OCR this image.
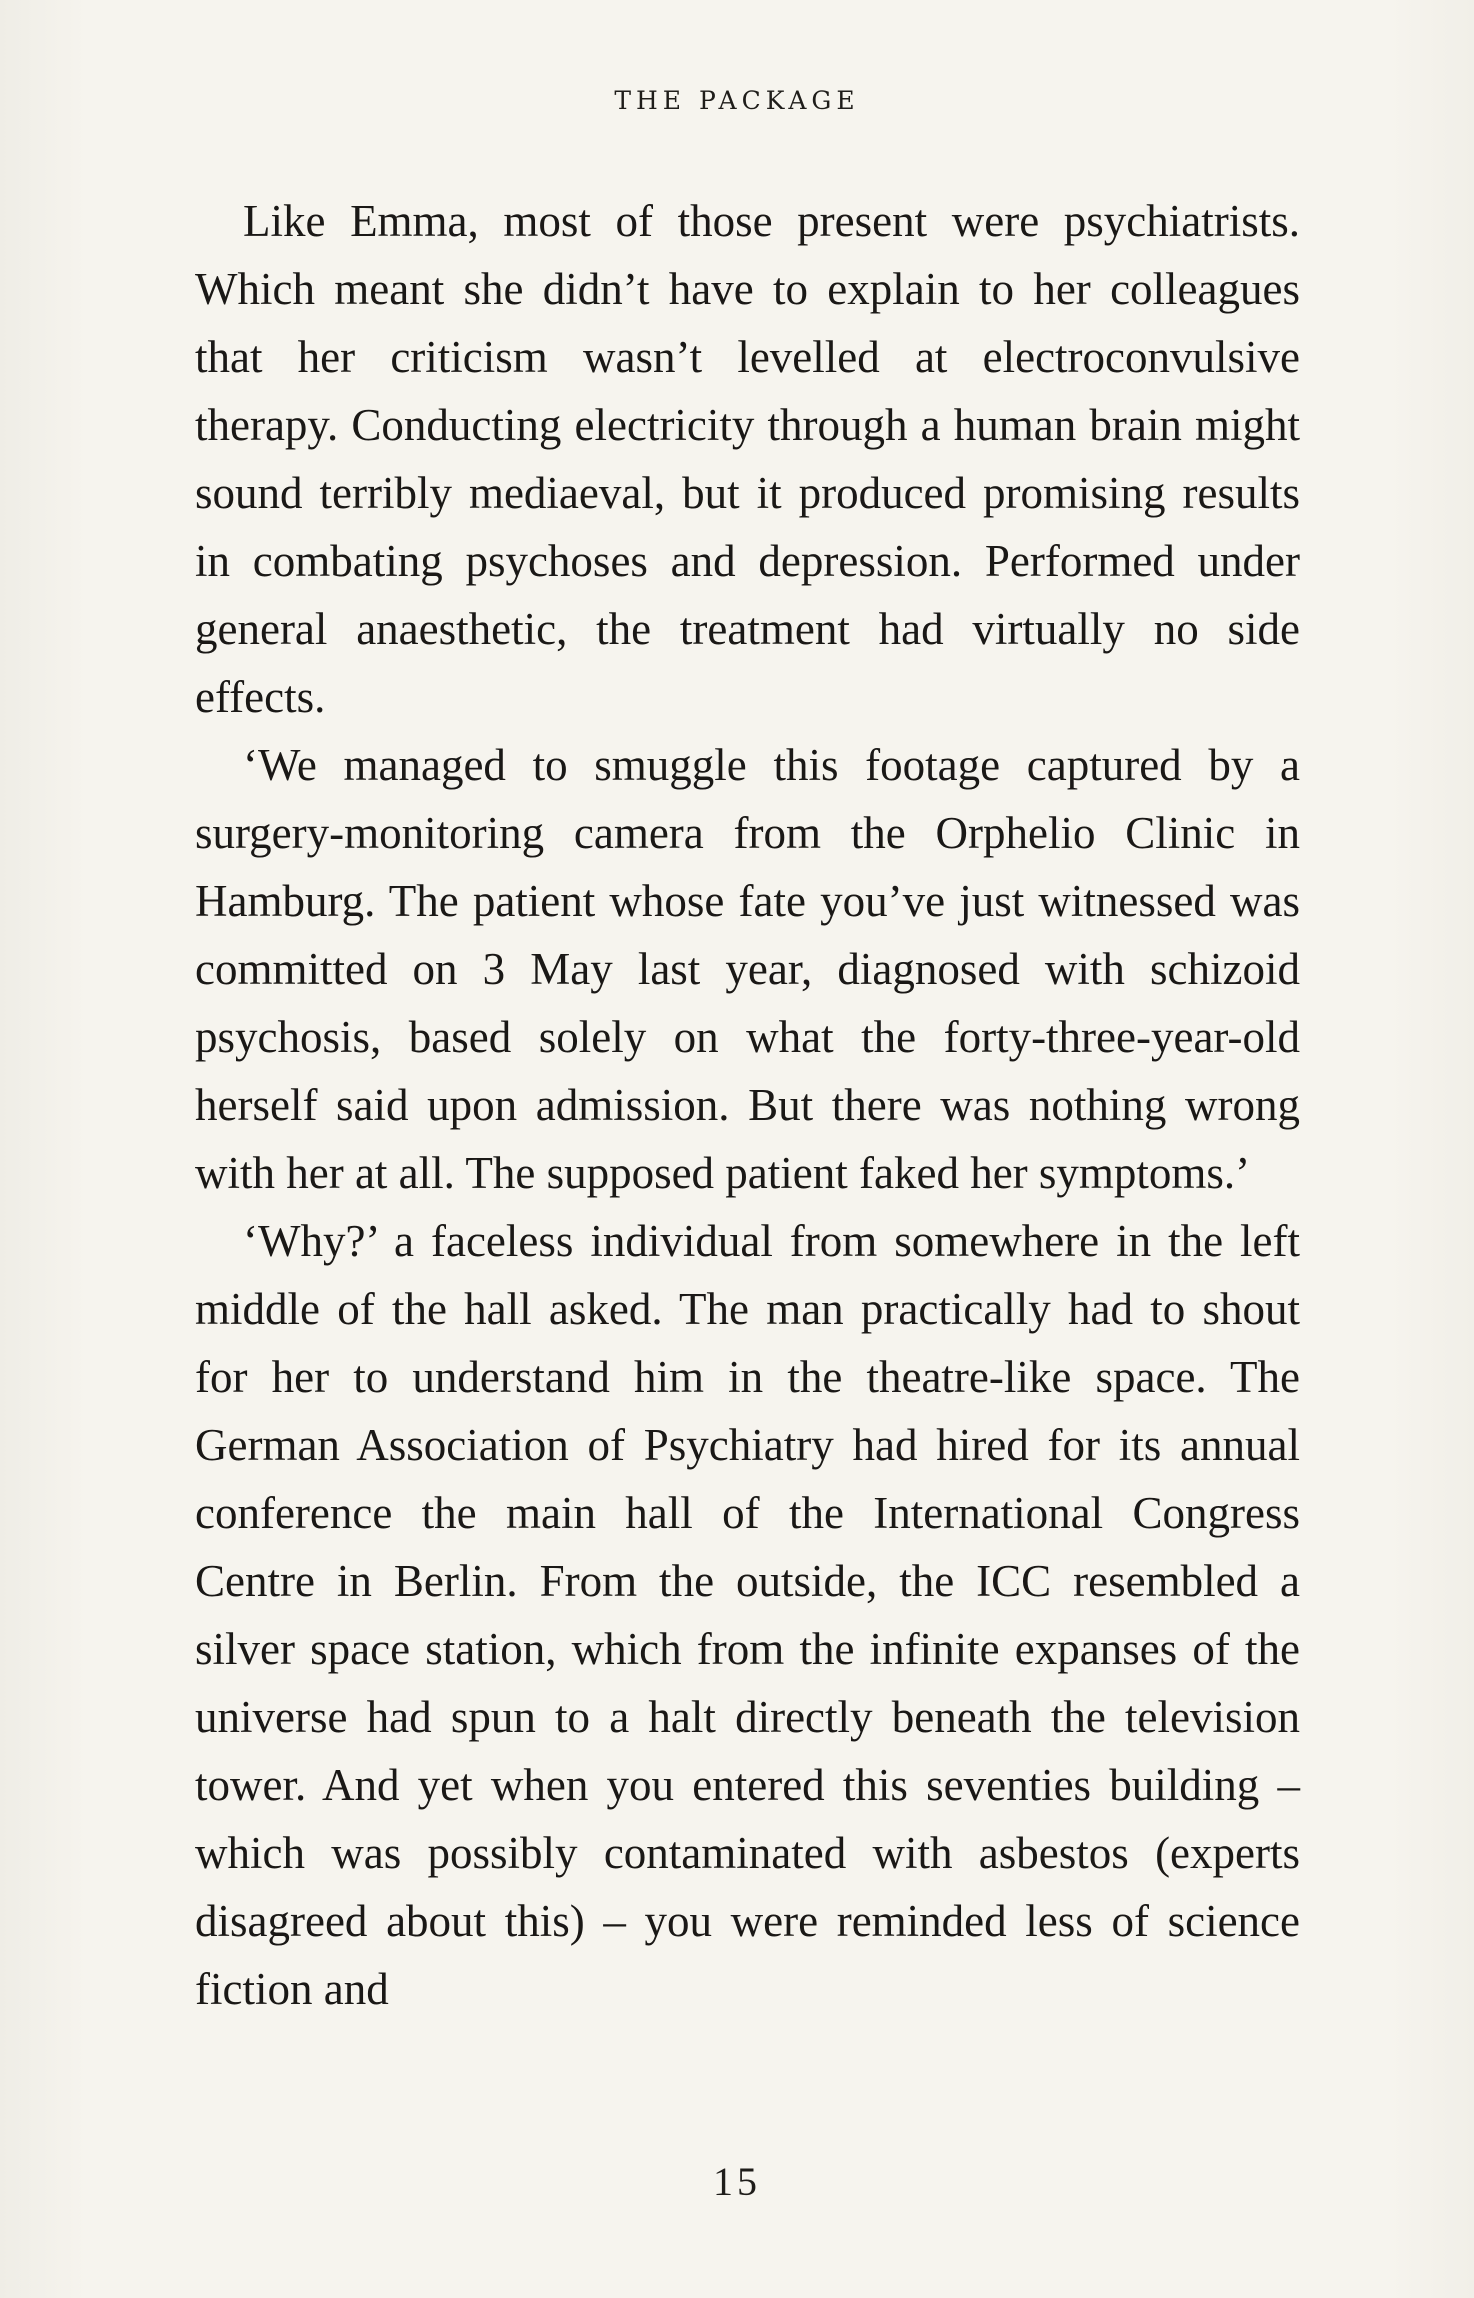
THE PACKAGE

Like Emma, most of those present were psychiatrists. Which meant she didn’t have to explain to her colleagues that her criticism wasn’t levelled at electroconvulsive therapy. Conducting electricity through a human brain might sound terribly mediaeval, but it produced promising results in combating psychoses and depression. Performed under general anaesthetic, the treatment had virtually no side effects.

‘We managed to smuggle this footage captured by a surgery-monitoring camera from the Orphelio Clinic in Hamburg. The patient whose fate you’ve just witnessed was committed on 3 May last year, diagnosed with schizoid psychosis, based solely on what the forty-three-year-old herself said upon admission. But there was nothing wrong with her at all. The supposed patient faked her symptoms.’

‘Why?’ a faceless individual from somewhere in the left middle of the hall asked. The man practically had to shout for her to understand him in the theatre-like space. The German Association of Psychiatry had hired for its annual conference the main hall of the International Congress Centre in Berlin. From the outside, the ICC resembled a silver space station, which from the infinite expanses of the universe had spun to a halt directly beneath the television tower. And yet when you entered this seventies building – which was possibly contaminated with asbestos (experts disagreed about this) – you were reminded less of science fiction and

15
